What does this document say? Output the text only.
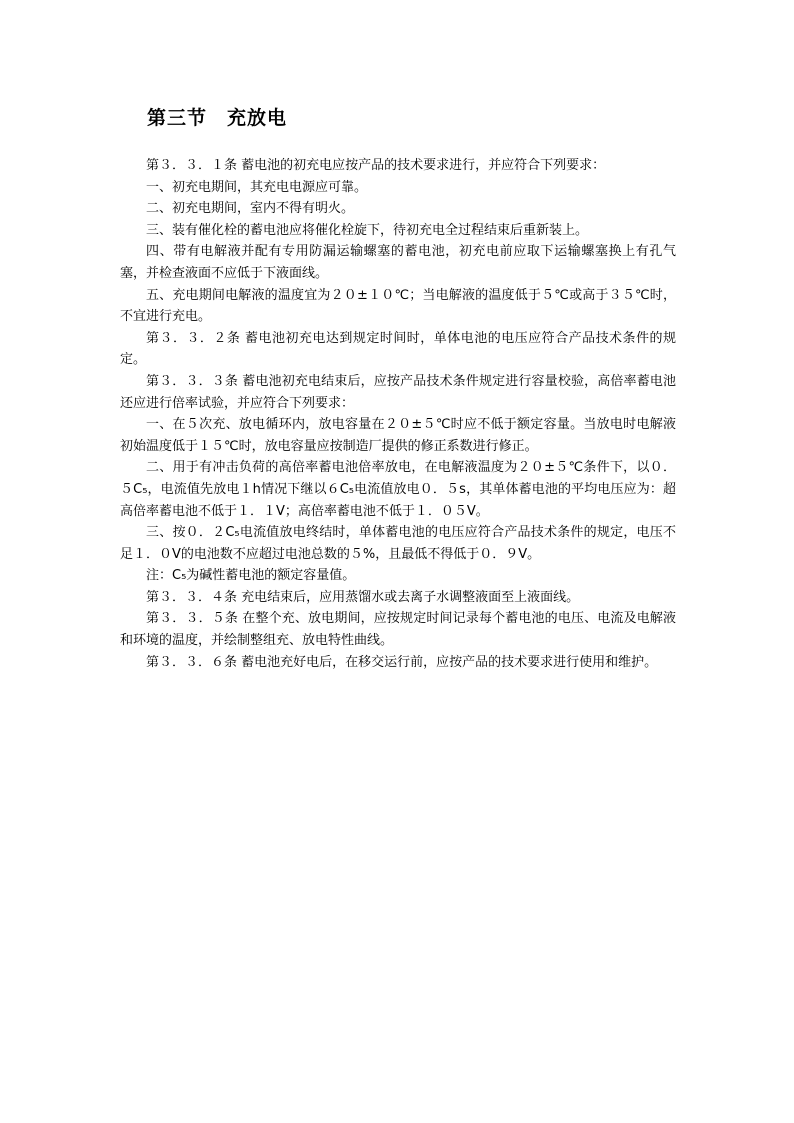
第三节　充放电

第３．３．１条 蓄电池的初充电应按产品的技术要求进行，并应符合下列要求：

一、初充电期间，其充电电源应可靠。

二、初充电期间，室内不得有明火。

三、装有催化栓的蓄电池应将催化栓旋下，待初充电全过程结束后重新装上。

四、带有电解液并配有专用防漏运输螺塞的蓄电池，初充电前应取下运输螺塞换上有孔气塞，并检查液面不应低于下液面线。

五、充电期间电解液的温度宜为２０±１０℃；当电解液的温度低于５℃或高于３５℃时，不宜进行充电。

第３．３．２条 蓄电池初充电达到规定时间时，单体电池的电压应符合产品技术条件的规定。

第３．３．３条 蓄电池初充电结束后，应按产品技术条件规定进行容量校验，高倍率蓄电池还应进行倍率试验，并应符合下列要求：

一、在５次充、放电循环内，放电容量在２０±５℃时应不低于额定容量。当放电时电解液初始温度低于１５℃时，放电容量应按制造厂提供的修正系数进行修正。

二、用于有冲击负荷的高倍率蓄电池倍率放电，在电解液温度为２０±５℃条件下，以０．５C₅，电流值先放电１h情况下继以６C₅电流值放电０．５s，其单体蓄电池的平均电压应为：超高倍率蓄电池不低于１．１V；高倍率蓄电池不低于１．０５V。

三、按０．２C₅电流值放电终结时，单体蓄电池的电压应符合产品技术条件的规定，电压不足１．０V的电池数不应超过电池总数的５%，且最低不得低于０．９V。

注：C₅为碱性蓄电池的额定容量值。

第３．３．４条 充电结束后，应用蒸馏水或去离子水调整液面至上液面线。

第３．３．５条 在整个充、放电期间，应按规定时间记录每个蓄电池的电压、电流及电解液和环境的温度，并绘制整组充、放电特性曲线。

第３．３．６条 蓄电池充好电后，在移交运行前，应按产品的技术要求进行使用和维护。
